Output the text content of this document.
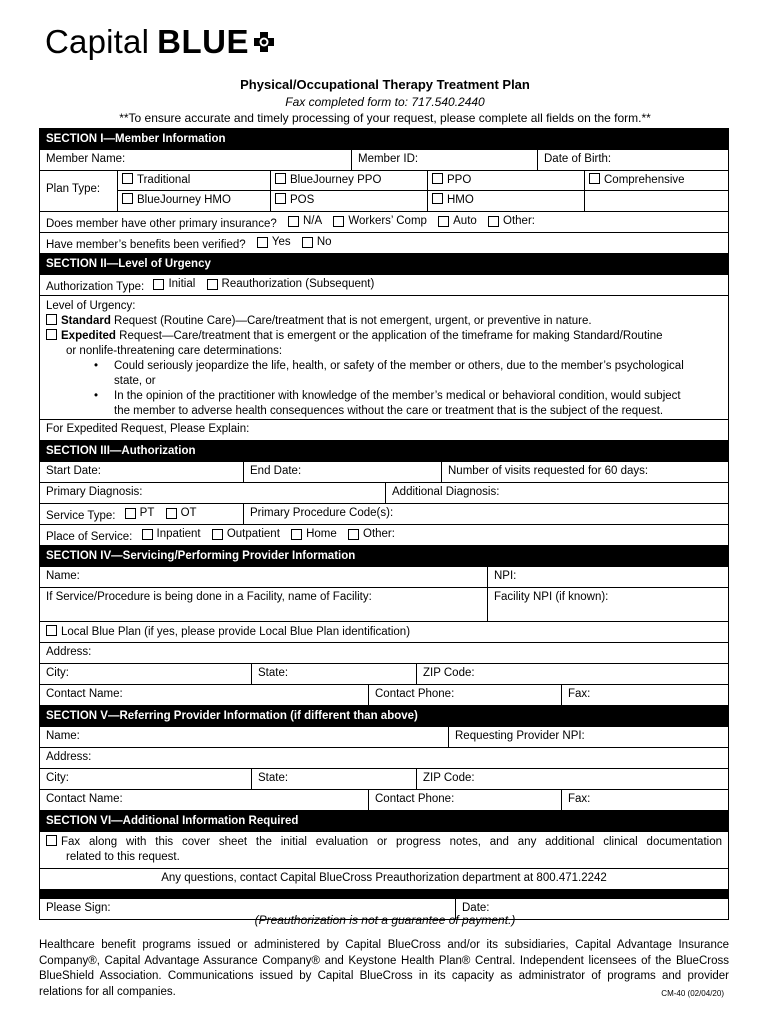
Capital BLUE
Physical/Occupational Therapy Treatment Plan
Fax completed form to: 717.540.2440
**To ensure accurate and timely processing of your request, please complete all fields on the form.**
SECTION I—Member Information
Member Name:	Member ID:	Date of Birth:
Plan Type:
Traditional	BlueJourney PPO	PPO	Comprehensive
BlueJourney HMO	POS	HMO
Does member have other primary insurance? N/A
Workers’ Comp
Auto
Other:
Have member’s benefits been verified? Yes
No
SECTION II—Level of Urgency
Authorization Type: Initial
Reauthorization (Subsequent)
Level of Urgency:
Standard Request (Routine Care)—Care/treatment that is not emergent, urgent, or preventive in nature.
Expedited Request—Care/treatment that is emergent or the application of the timeframe for making Standard/Routine
or nonlife-threatening care determinations:
• Could seriously jeopardize the life, health, or safety of the member or others, due to the member’s psychological
state, or
• In the opinion of the practitioner with knowledge of the member’s medical or behavioral condition, would subject
the member to adverse health consequences without the care or treatment that is the subject of the request.
For Expedited Request, Please Explain:
SECTION III—Authorization
Start Date:	End Date:	Number of visits requested for 60 days:
Primary Diagnosis:	Additional Diagnosis:
Service Type: PT
OT	Primary Procedure Code(s):
Place of Service: Inpatient
Outpatient
Home
Other:
SECTION IV—Servicing/Performing Provider Information
Name:	NPI:
If Service/Procedure is being done in a Facility, name of Facility:	Facility NPI (if known):
Local Blue Plan (if yes, please provide Local Blue Plan identification)
Address:
City:	State:	ZIP Code:
Contact Name:	Contact Phone:	Fax:
SECTION V—Referring Provider Information (if different than above)
Name:	Requesting Provider NPI:
Address:
City:	State:	ZIP Code:
Contact Name:	Contact Phone:	Fax:
SECTION VI—Additional Information Required
Fax along with this cover sheet the initial evaluation or progress notes, and any additional clinical documentation
related to this request.
Any questions, contact Capital BlueCross Preauthorization department at 800.471.2242
Please Sign:	Date:
(Preauthorization is not a guarantee of payment.)
Healthcare benefit programs issued or administered by Capital BlueCross and/or its subsidiaries, Capital Advantage Insurance Company®, Capital Advantage Assurance Company® and Keystone Health Plan® Central. Independent licensees of the BlueCross BlueShield Association. Communications issued by Capital BlueCross in its capacity as administrator of programs and provider relations for all companies.	CM-40 (02/04/20)
